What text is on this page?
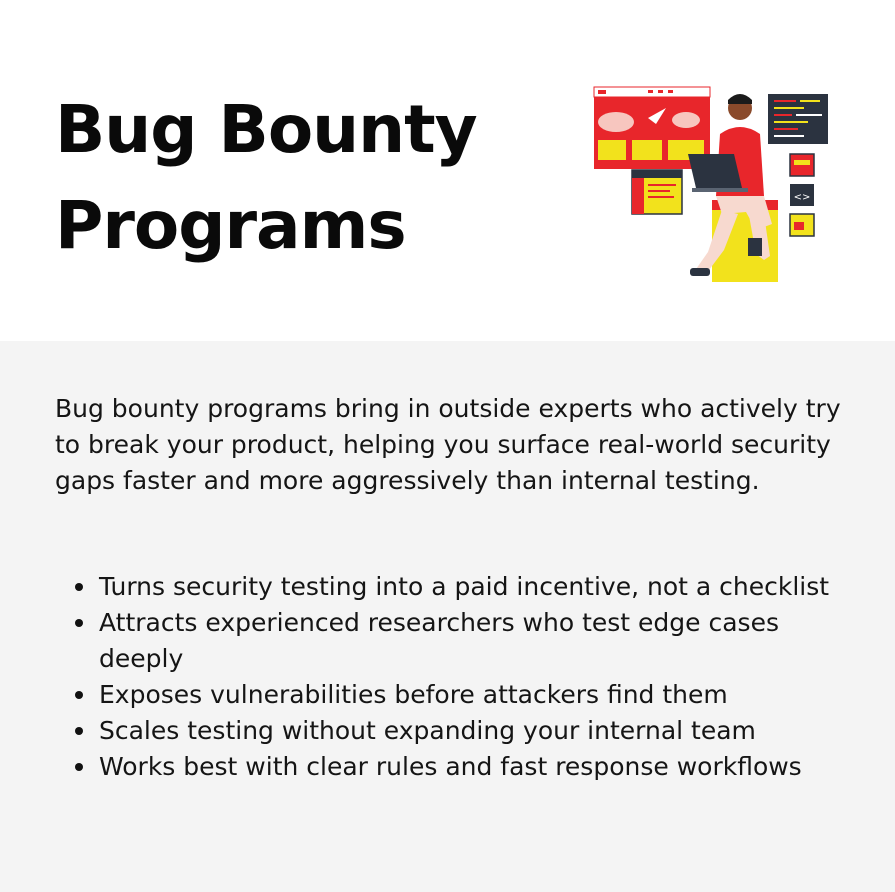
Bug Bounty
Programs	<>

Bug bounty programs bring in outside experts who actively try to break your product, helping you surface real-world security gaps faster and more aggressively than internal testing.

Turns security testing into a paid incentive, not a checklist
Attracts experienced researchers who test edge cases deeply
Exposes vulnerabilities before attackers find them
Scales testing without expanding your internal team
Works best with clear rules and fast response workflows
